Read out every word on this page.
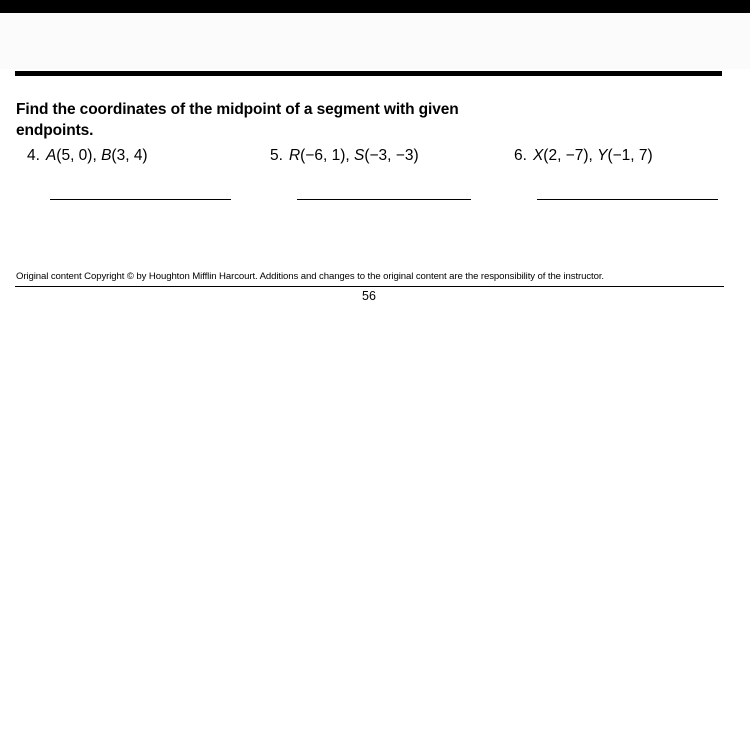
Find the coordinates of the midpoint of a segment with given endpoints.
4. A(5, 0), B(3, 4)	5. R(−6, 1), S(−3, −3)	6. X(2, −7), Y(−1, 7)
Original content Copyright © by Houghton Mifflin Harcourt. Additions and changes to the original content are the responsibility of the instructor.
56
